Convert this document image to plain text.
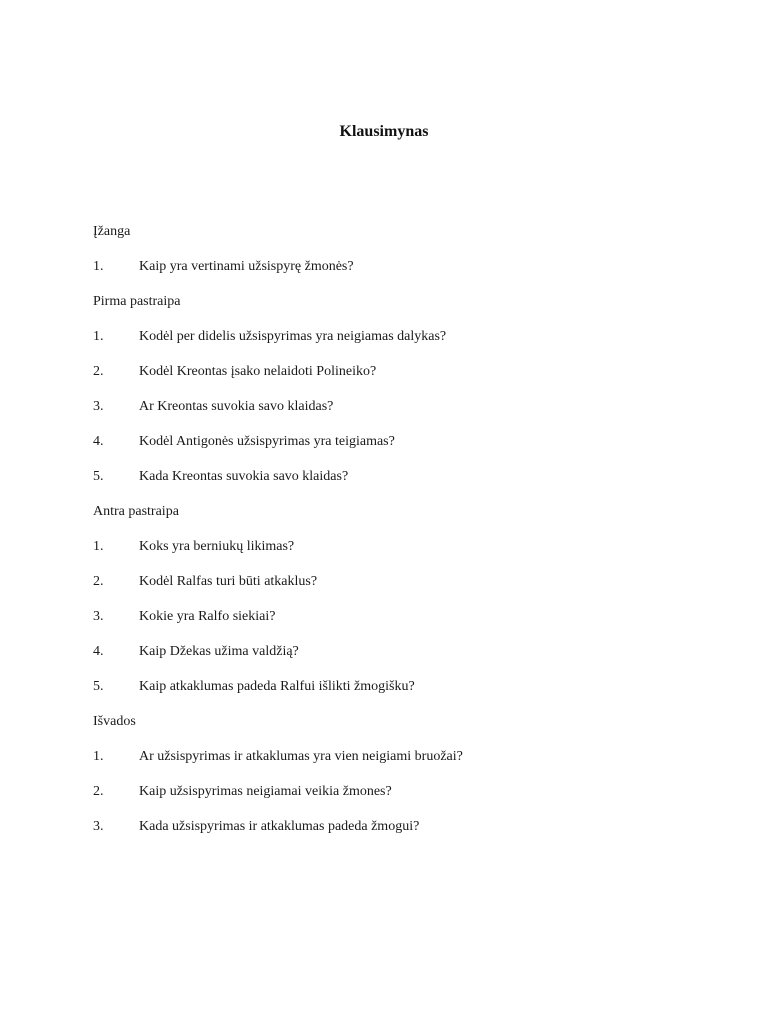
Klausimynas
Įžanga
1.	Kaip yra vertinami užsispyrę žmonės?
Pirma pastraipa
1.	Kodėl per didelis užsispyrimas yra neigiamas dalykas?
2.	Kodėl Kreontas įsako nelaidoti Polineiko?
3.	Ar Kreontas suvokia savo klaidas?
4.	Kodėl Antigonės užsispyrimas yra teigiamas?
5.	Kada Kreontas suvokia savo klaidas?
Antra pastraipa
1.	Koks yra berniukų likimas?
2.	Kodėl Ralfas turi būti atkaklus?
3.	Kokie yra Ralfo siekiai?
4.	Kaip Džekas užima valdžią?
5.	Kaip atkaklumas padeda Ralfui išlikti žmogišku?
Išvados
1.	Ar užsispyrimas ir atkaklumas yra vien neigiami bruožai?
2.	Kaip užsispyrimas neigiamai veikia žmones?
3.	Kada užsispyrimas ir atkaklumas padeda žmogui?
